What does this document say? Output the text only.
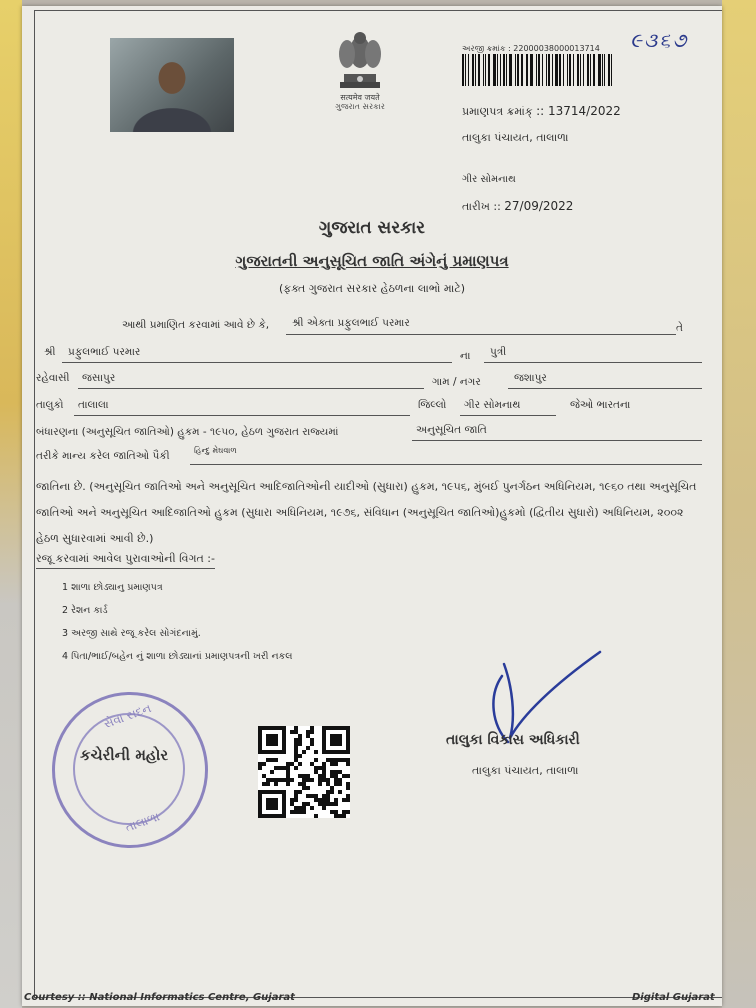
सत्यमेव जयते
ગુજરાત સરકાર
અરજી ક્રમાંક : 22000038000013714 ૯૩૬૭
પ્રમાણપત્ર ક્રમાંક્ :: 13714/2022
તાલુકા પંચાયત, તાલાળા
ગીર સોમનાથ
તારીખ :: 27/09/2022
ગુજરાત સરકાર
ગુજરાતની અનુસૂચિત જાતિ અંગેનું પ્રમાણપત્ર
(ફક્ત ગુજરાત સરકાર હેઠળના લાભો માટે)
આથી પ્રમાણિત કરવામાં આવે છે કે, શ્રી એક્તા પ્રફુલભાઈ પરમાર	તે
શ્રી પ્રફુલભાઈ પરમાર	ના પુત્રી
રહેવાસી જસાપુર	ગામ / નગર	જશાપુર
તાલુકો તાલાલા	જિલ્લો ગીર સોમનાથ	જેઓ ભારતના
બંધારણના (અનુસૂચિત જાતિઓ) હુકમ - ૧૯૫૦, હેઠળ ગુજરાત રાજ્યમાં	અનુસૂચિત જાતિ
તરીકે માન્ય કરેલ જાતિઓ પૈકી	હિન્દુ મેઘવાળ
જાતિના છે. (અનુસૂચિત જાતિઓ અને અનુસૂચિત આદિજાતિઓની યાદીઓ (સુધારા) હુકમ, ૧૯૫૬, મુંબઈ પુનર્ગઠન અધિનિયમ, ૧૯૬૦ તથા અનુસૂચિત જાતિઓ અને અનુસૂચિત આદિજાતિઓ હુકમ (સુધારા અધિનિયમ, ૧૯૭૬, સંવિધાન (અનુસૂચિત જાતિઓ)હુકમો (દ્વિતીય સુધારો) અધિનિયમ, ૨૦૦૨ હેઠળ સુધારવામાં આવી છે.)
રજૂ કરવામાં આવેલ પુરાવાઓની વિગત :-
1 શાળા છોડ્યાનુ પ્રમાણપત્ર
2 રેશન કાર્ડ
3 અરજી સાથે રજૂ કરેલ સોગંદનામું.
4 પિતા/ભાઈ/બહેન નું શાળા છોડ્યાનાં પ્રમાણપત્રની ખરી નકલ
સેવા સદન
તાલાળા
કચેરીની મહોર
તાલુકા વિકાસ અધિકારી
તાલુકા પંચાયત, તાલાળા
Courtesy :: National Informatics Centre, Gujarat	Digital Gujarat
